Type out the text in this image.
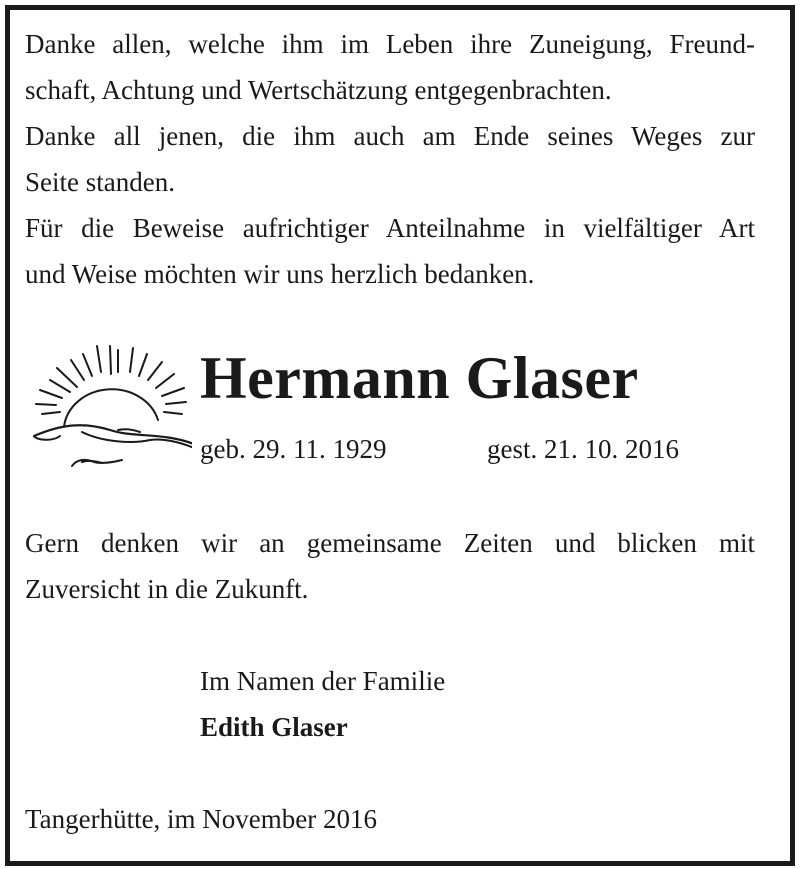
Danke allen, welche ihm im Leben ihre Zuneigung, Freund-
schaft, Achtung und Wertschätzung entgegenbrachten.
Danke all jenen, die ihm auch am Ende seines Weges zur
Seite standen.
Für die Beweise aufrichtiger Anteilnahme in vielfältiger Art
und Weise möchten wir uns herzlich bedanken.
Hermann Glaser
geb. 29. 11. 1929	gest. 21. 10. 2016
Gern denken wir an gemeinsame Zeiten und blicken mit
Zuversicht in die Zukunft.
Im Namen der Familie
Edith Glaser
Tangerhütte, im November 2016
